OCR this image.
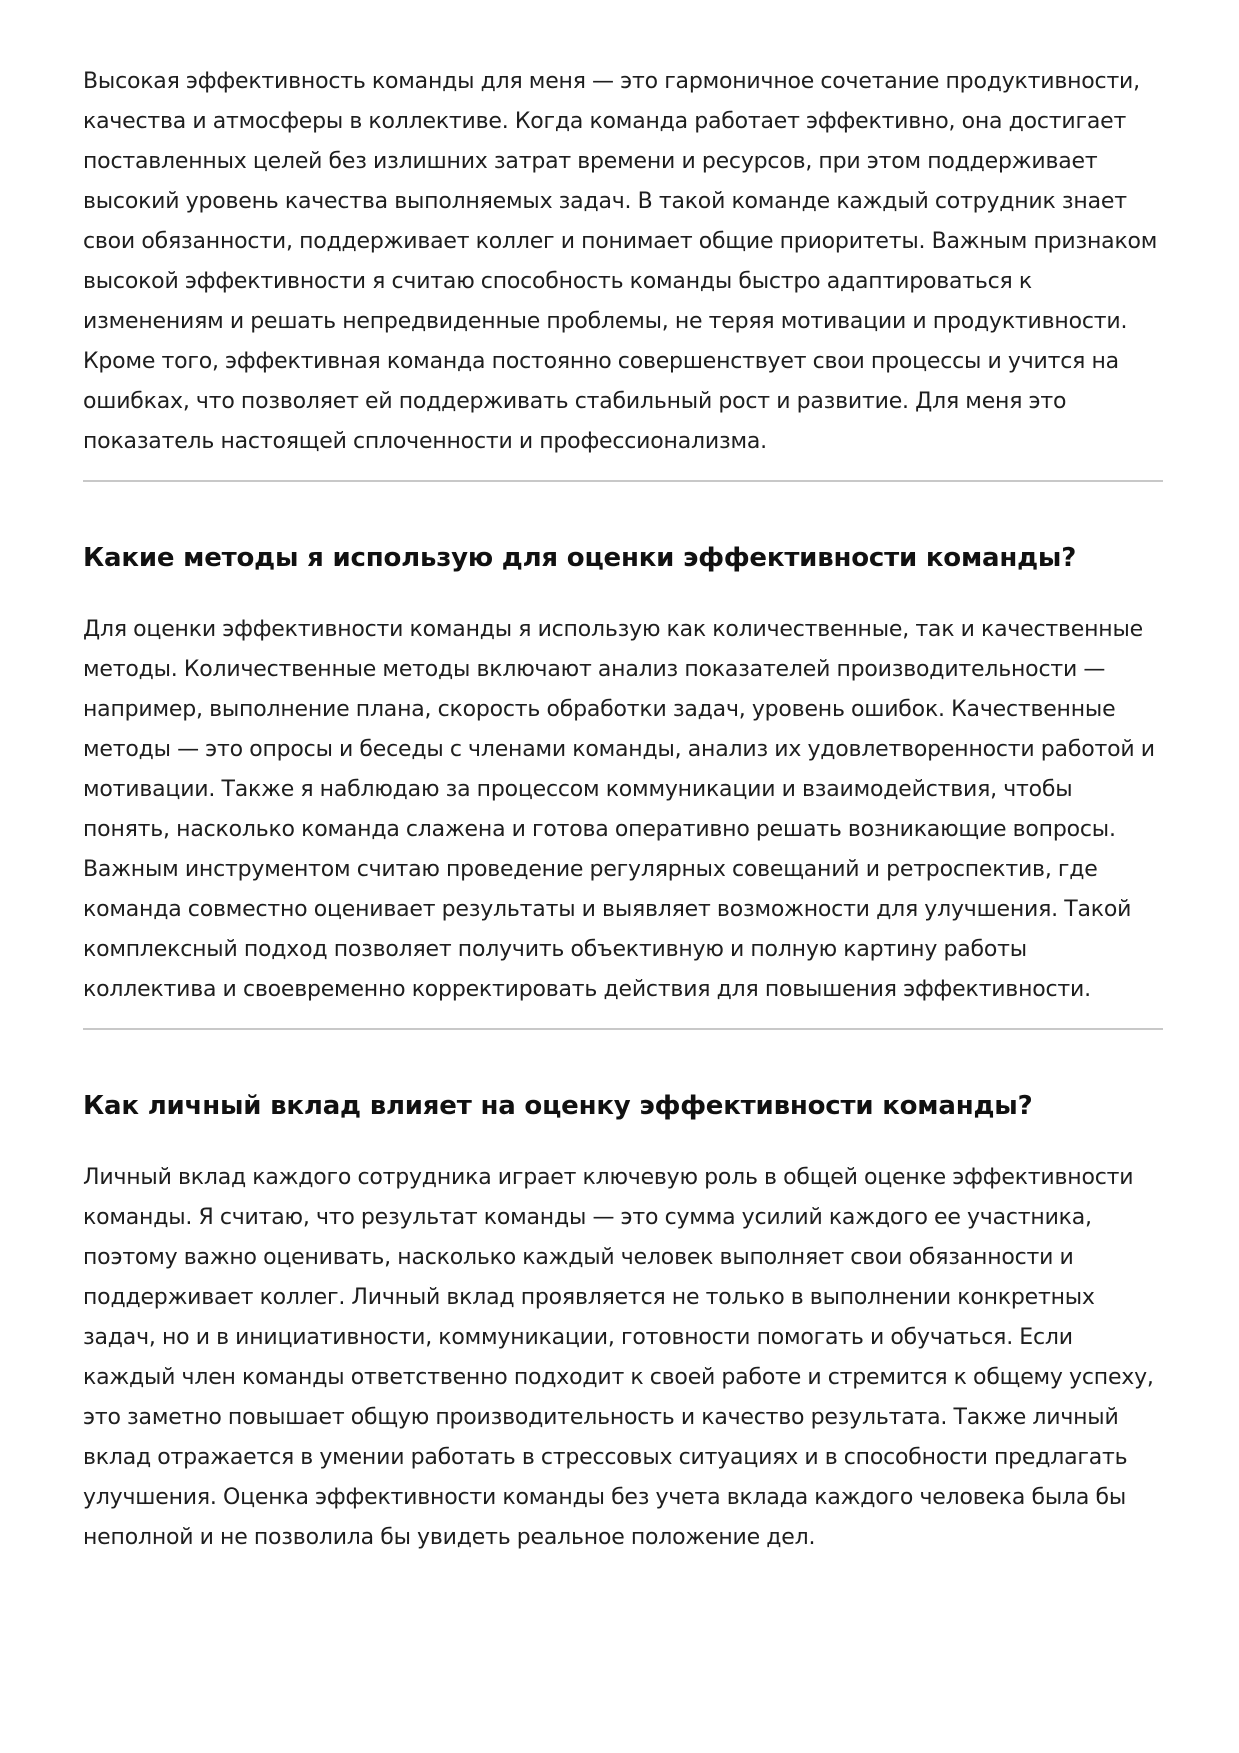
Высокая эффективность команды для меня — это гармоничное сочетание продуктивности, качества и атмосферы в коллективе. Когда команда работает эффективно, она достигает поставленных целей без излишних затрат времени и ресурсов, при этом поддерживает высокий уровень качества выполняемых задач. В такой команде каждый сотрудник знает свои обязанности, поддерживает коллег и понимает общие приоритеты. Важным признаком высокой эффективности я считаю способность команды быстро адаптироваться к изменениям и решать непредвиденные проблемы, не теряя мотивации и продуктивности. Кроме того, эффективная команда постоянно совершенствует свои процессы и учится на ошибках, что позволяет ей поддерживать стабильный рост и развитие. Для меня это показатель настоящей сплоченности и профессионализма.

Какие методы я использую для оценки эффективности команды?

Для оценки эффективности команды я использую как количественные, так и качественные методы. Количественные методы включают анализ показателей производительности — например, выполнение плана, скорость обработки задач, уровень ошибок. Качественные методы — это опросы и беседы с членами команды, анализ их удовлетворенности работой и мотивации. Также я наблюдаю за процессом коммуникации и взаимодействия, чтобы понять, насколько команда слажена и готова оперативно решать возникающие вопросы. Важным инструментом считаю проведение регулярных совещаний и ретроспектив, где команда совместно оценивает результаты и выявляет возможности для улучшения. Такой комплексный подход позволяет получить объективную и полную картину работы коллектива и своевременно корректировать действия для повышения эффективности.

Как личный вклад влияет на оценку эффективности команды?

Личный вклад каждого сотрудника играет ключевую роль в общей оценке эффективности команды. Я считаю, что результат команды — это сумма усилий каждого ее участника, поэтому важно оценивать, насколько каждый человек выполняет свои обязанности и поддерживает коллег. Личный вклад проявляется не только в выполнении конкретных задач, но и в инициативности, коммуникации, готовности помогать и обучаться. Если каждый член команды ответственно подходит к своей работе и стремится к общему успеху, это заметно повышает общую производительность и качество результата. Также личный вклад отражается в умении работать в стрессовых ситуациях и в способности предлагать улучшения. Оценка эффективности команды без учета вклада каждого человека была бы неполной и не позволила бы увидеть реальное положение дел.
